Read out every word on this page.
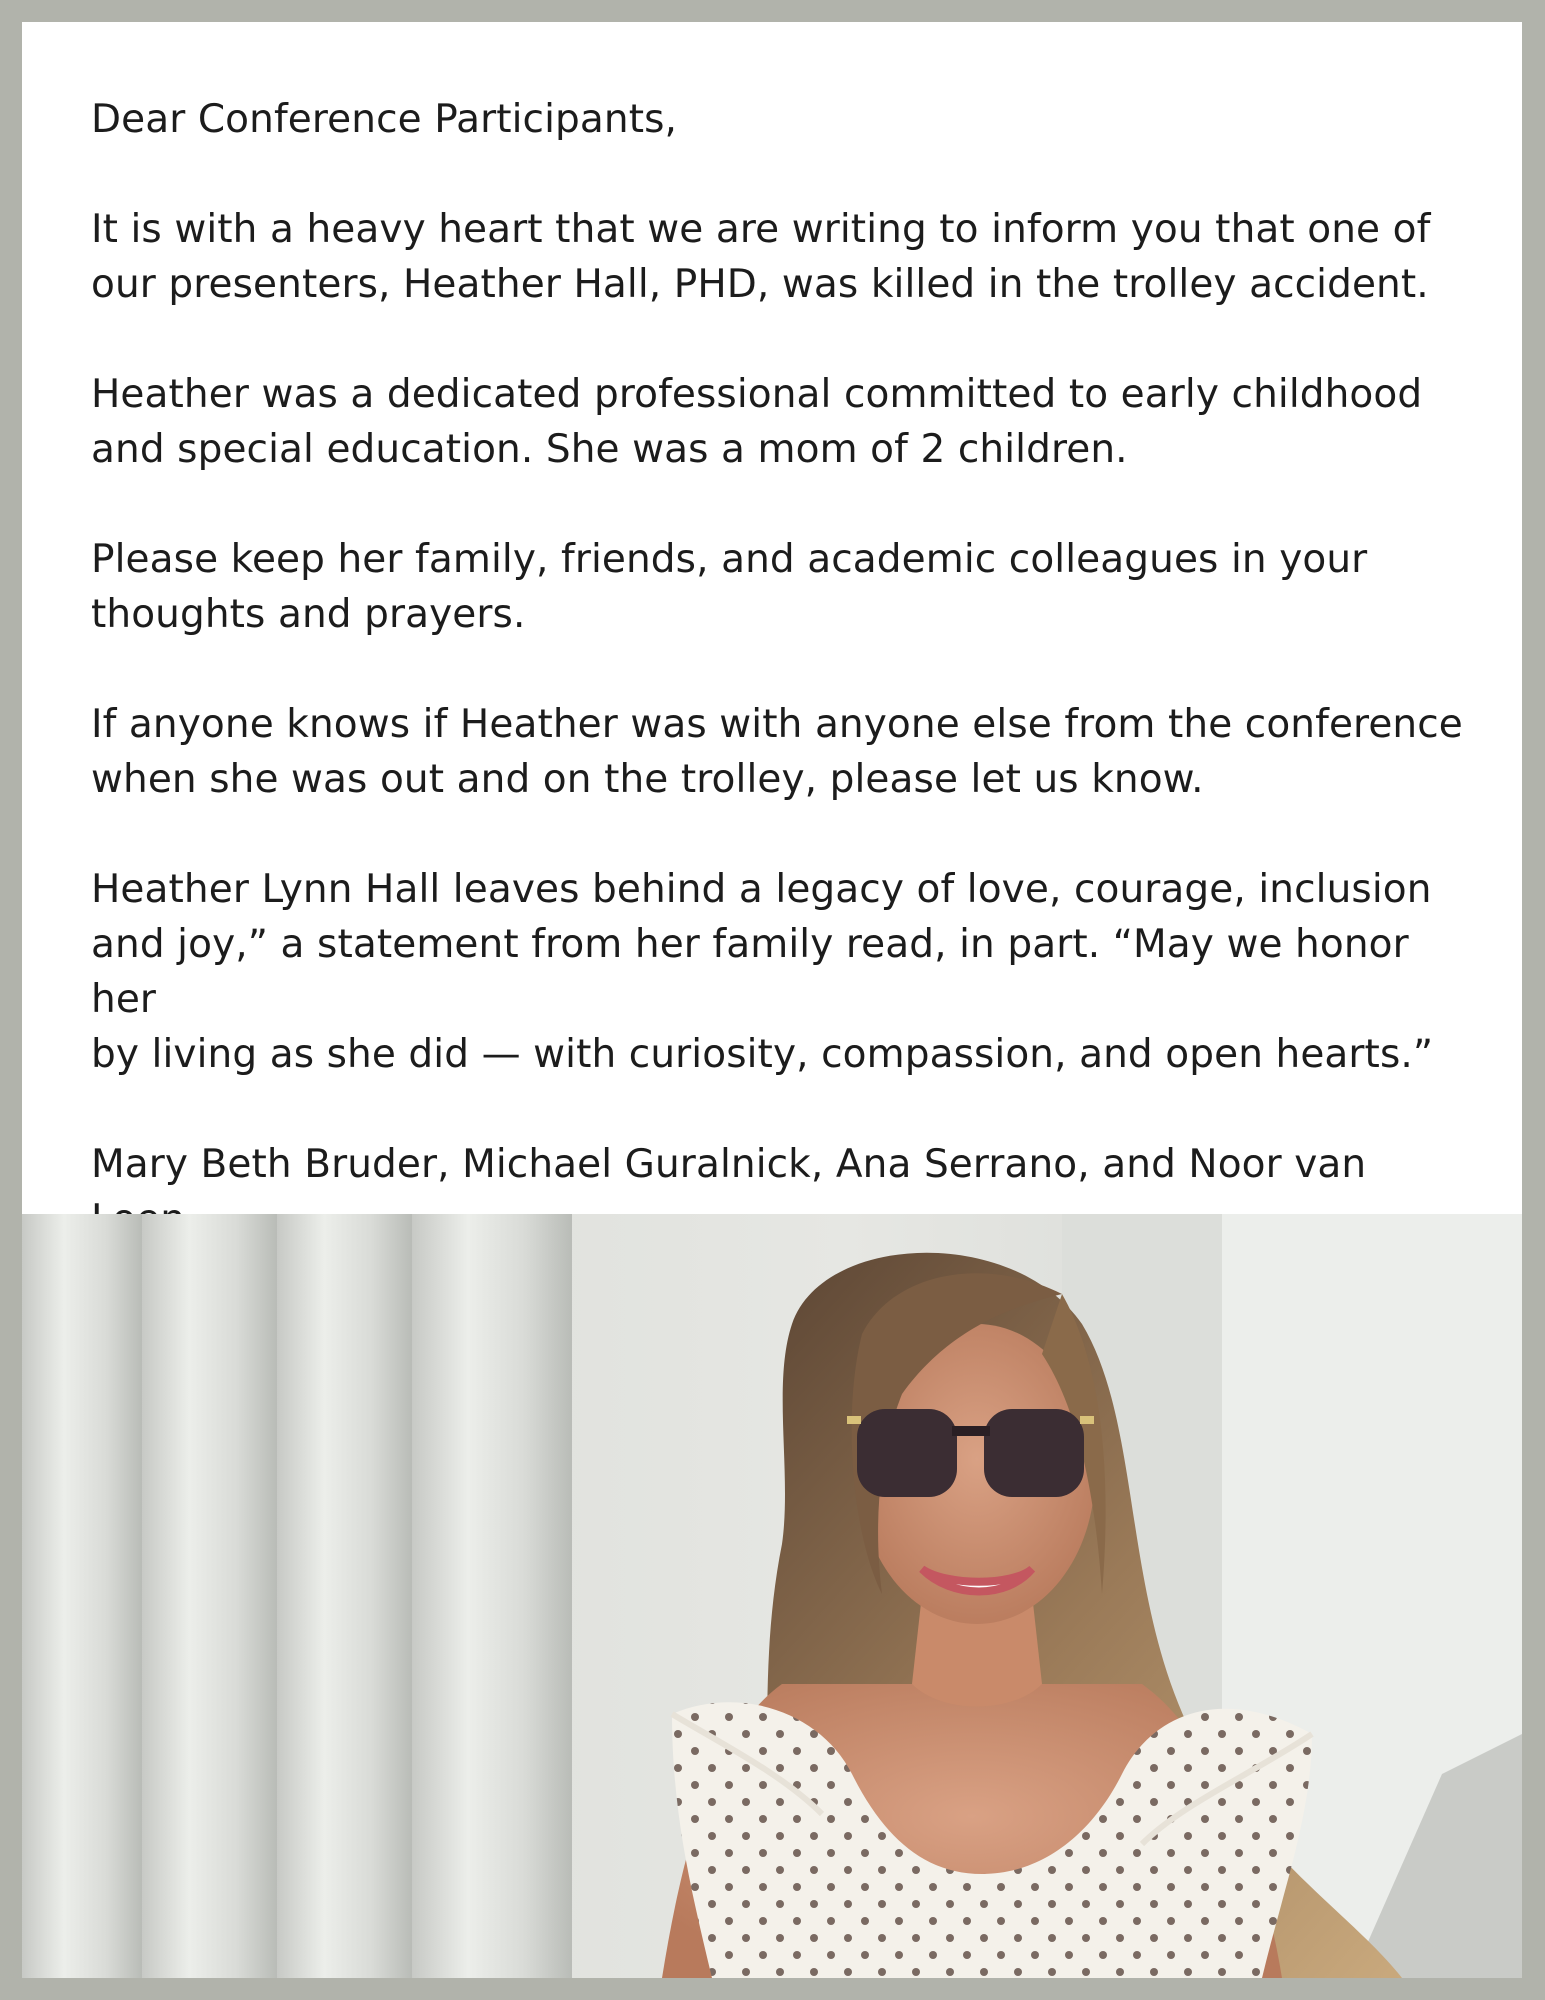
Dear Conference Participants,

It is with a heavy heart that we are writing to inform you that one of
our presenters, Heather Hall, PHD, was killed in the trolley accident.

Heather was a dedicated professional committed to early childhood
and special education. She was a mom of 2 children.

Please keep her family, friends, and academic colleagues in your
thoughts and prayers.

If anyone knows if Heather was with anyone else from the conference
when she was out and on the trolley, please let us know.

Heather Lynn Hall leaves behind a legacy of love, courage, inclusion
and joy,” a statement from her family read, in part. “May we honor her
by living as she did — with curiosity, compassion, and open hearts.”

Mary Beth Bruder, Michael Guralnick, Ana Serrano, and Noor van
